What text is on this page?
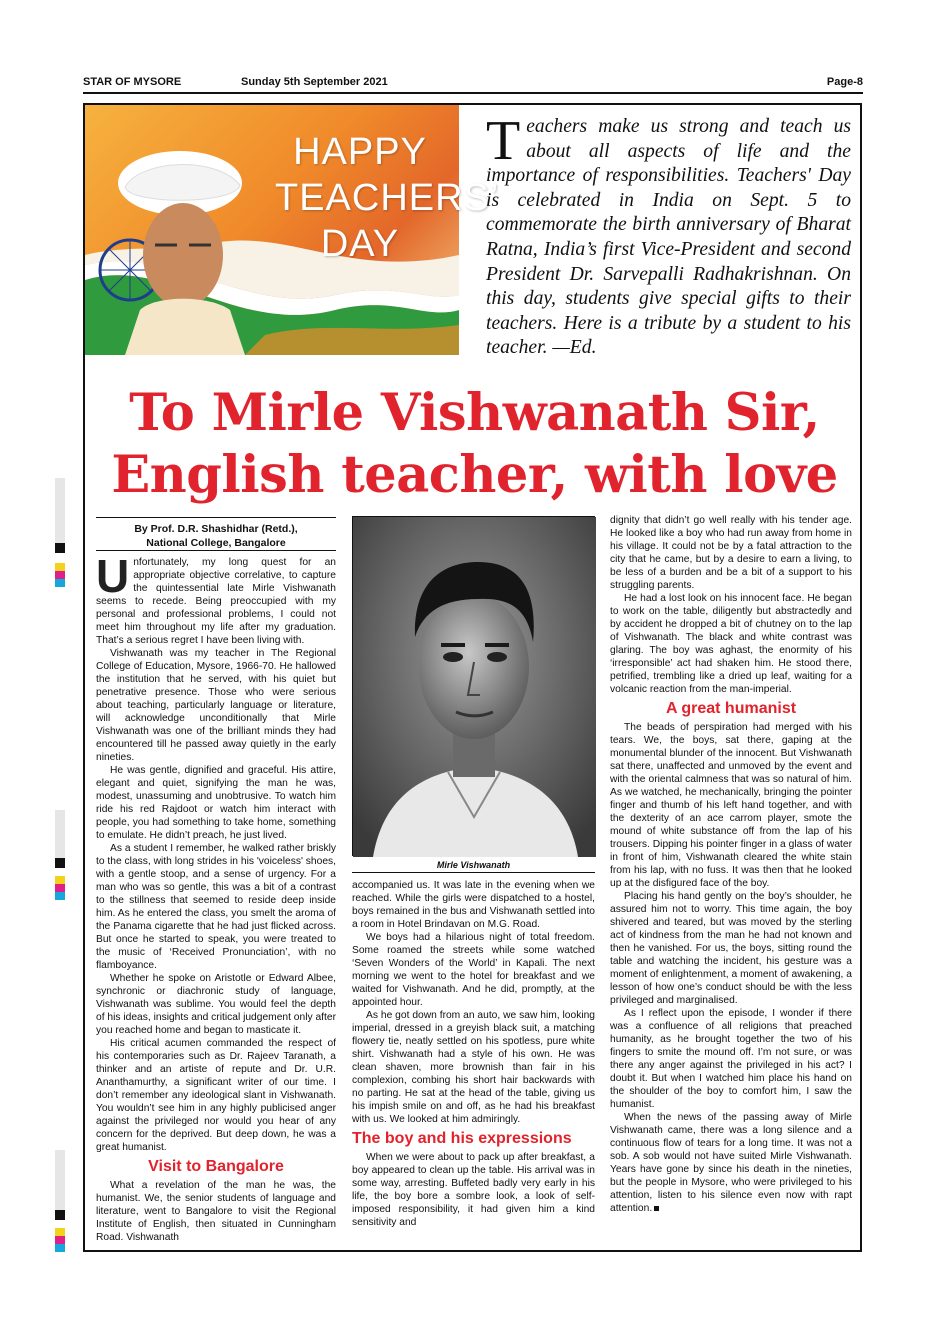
STAR OF MYSORE	Sunday 5th September 2021	Page-8
HAPPY
TEACHERS’
DAY
Teachers make us strong and teach us about all aspects of life and the importance of responsibilities. Teachers' Day is celebrated in India on Sept. 5 to commemorate the birth anniversary of Bharat Ratna, India’s first Vice-President and second President Dr. Sarvepalli Radhakrishnan. On this day, students give special gifts to their teachers. Here is a tribute by a student to his teacher. —Ed.
To Mirle Vishwanath Sir,
English teacher, with love
By Prof. D.R. Shashidhar (Retd.),
National College, Bangalore

Unfortunately, my long quest for an appropriate objective correlative, to capture the quintessential late Mirle Vishwanath seems to recede. Being preoccupied with my personal and professional problems, I could not meet him throughout my life after my graduation. That’s a serious regret I have been living with.

Vishwanath was my teacher in The Regional College of Education, Mysore, 1966-70. He hallowed the institution that he served, with his quiet but penetrative presence. Those who were serious about teaching, particularly language or literature, will acknowledge unconditionally that Mirle Vishwanath was one of the brilliant minds they had encountered till he passed away quietly in the early nineties.

He was gentle, dignified and graceful. His attire, elegant and quiet, signifying the man he was, modest, unassuming and unobtrusive. To watch him ride his red Rajdoot or watch him interact with people, you had something to take home, something to emulate. He didn’t preach, he just lived.

As a student I remember, he walked rather briskly to the class, with long strides in his 'voiceless' shoes, with a gentle stoop, and a sense of urgency. For a man who was so gentle, this was a bit of a contrast to the stillness that seemed to reside deep inside him. As he entered the class, you smelt the aroma of the Panama cigarette that he had just flicked across. But once he started to speak, you were treated to the music of ‘Received Pronunciation’, with no flamboyance.

Whether he spoke on Aristotle or Edward Albee, synchronic or diachronic study of language, Vishwanath was sublime. You would feel the depth of his ideas, insights and critical judgement only after you reached home and began to masticate it.

His critical acumen commanded the respect of his contemporaries such as Dr. Rajeev Taranath, a thinker and an artiste of repute and Dr. U.R. Ananthamurthy, a significant writer of our time. I don’t remember any ideological slant in Vishwanath. You wouldn’t see him in any highly publicised anger against the privileged nor would you hear of any concern for the deprived. But deep down, he was a great humanist.

Visit to Bangalore

What a revelation of the man he was, the humanist. We, the senior students of language and literature, went to Bangalore to visit the Regional Institute of English, then situated in Cunningham Road. Vishwanath

Mirle Vishwanath

accompanied us. It was late in the evening when we reached. While the girls were dispatched to a hostel, boys remained in the bus and Vishwanath settled into a room in Hotel Brindavan on M.G. Road.

We boys had a hilarious night of total freedom. Some roamed the streets while some watched ‘Seven Wonders of the World’ in Kapali. The next morning we went to the hotel for breakfast and we waited for Vishwanath. And he did, promptly, at the appointed hour.

As he got down from an auto, we saw him, looking imperial, dressed in a greyish black suit, a matching flowery tie, neatly settled on his spotless, pure white shirt. Vishwanath had a style of his own. He was clean shaven, more brownish than fair in his complexion, combing his short hair backwards with no parting. He sat at the head of the table, giving us his impish smile on and off, as he had his breakfast with us. We looked at him admiringly.

The boy and his expressions

When we were about to pack up after breakfast, a boy appeared to clean up the table. His arrival was in some way, arresting. Buffeted badly very early in his life, the boy bore a sombre look, a look of self-imposed responsibility, it had given him a kind sensitivity and

dignity that didn’t go well really with his tender age. He looked like a boy who had run away from home in his village. It could not be by a fatal attraction to the city that he came, but by a desire to earn a living, to be less of a burden and be a bit of a support to his struggling parents.

He had a lost look on his innocent face. He began to work on the table, diligently but abstractedly and by accident he dropped a bit of chutney on to the lap of Vishwanath. The black and white contrast was glaring. The boy was aghast, the enormity of his ‘irresponsible’ act had shaken him. He stood there, petrified, trembling like a dried up leaf, waiting for a volcanic reaction from the man-imperial.

A great humanist

The beads of perspiration had merged with his tears. We, the boys, sat there, gaping at the monumental blunder of the innocent. But Vishwanath sat there, unaffected and unmoved by the event and with the oriental calmness that was so natural of him. As we watched, he mechanically, bringing the pointer finger and thumb of his left hand together, and with the dexterity of an ace carrom player, smote the mound of white substance off from the lap of his trousers. Dipping his pointer finger in a glass of water in front of him, Vishwanath cleared the white stain from his lap, with no fuss. It was then that he looked up at the disfigured face of the boy.

Placing his hand gently on the boy’s shoulder, he assured him not to worry. This time again, the boy shivered and teared, but was moved by the sterling act of kindness from the man he had not known and then he vanished. For us, the boys, sitting round the table and watching the incident, his gesture was a moment of enlightenment, a moment of awakening, a lesson of how one’s conduct should be with the less privileged and marginalised.

As I reflect upon the episode, I wonder if there was a confluence of all religions that preached humanity, as he brought together the two of his fingers to smite the mound off. I’m not sure, or was there any anger against the privileged in his act? I doubt it. But when I watched him place his hand on the shoulder of the boy to comfort him, I saw the humanist.

When the news of the passing away of Mirle Vishwanath came, there was a long silence and a continuous flow of tears for a long time. It was not a sob. A sob would not have suited Mirle Vishwanath. Years have gone by since his death in the nineties, but the people in Mysore, who were privileged to his attention, listen to his silence even now with rapt attention.
